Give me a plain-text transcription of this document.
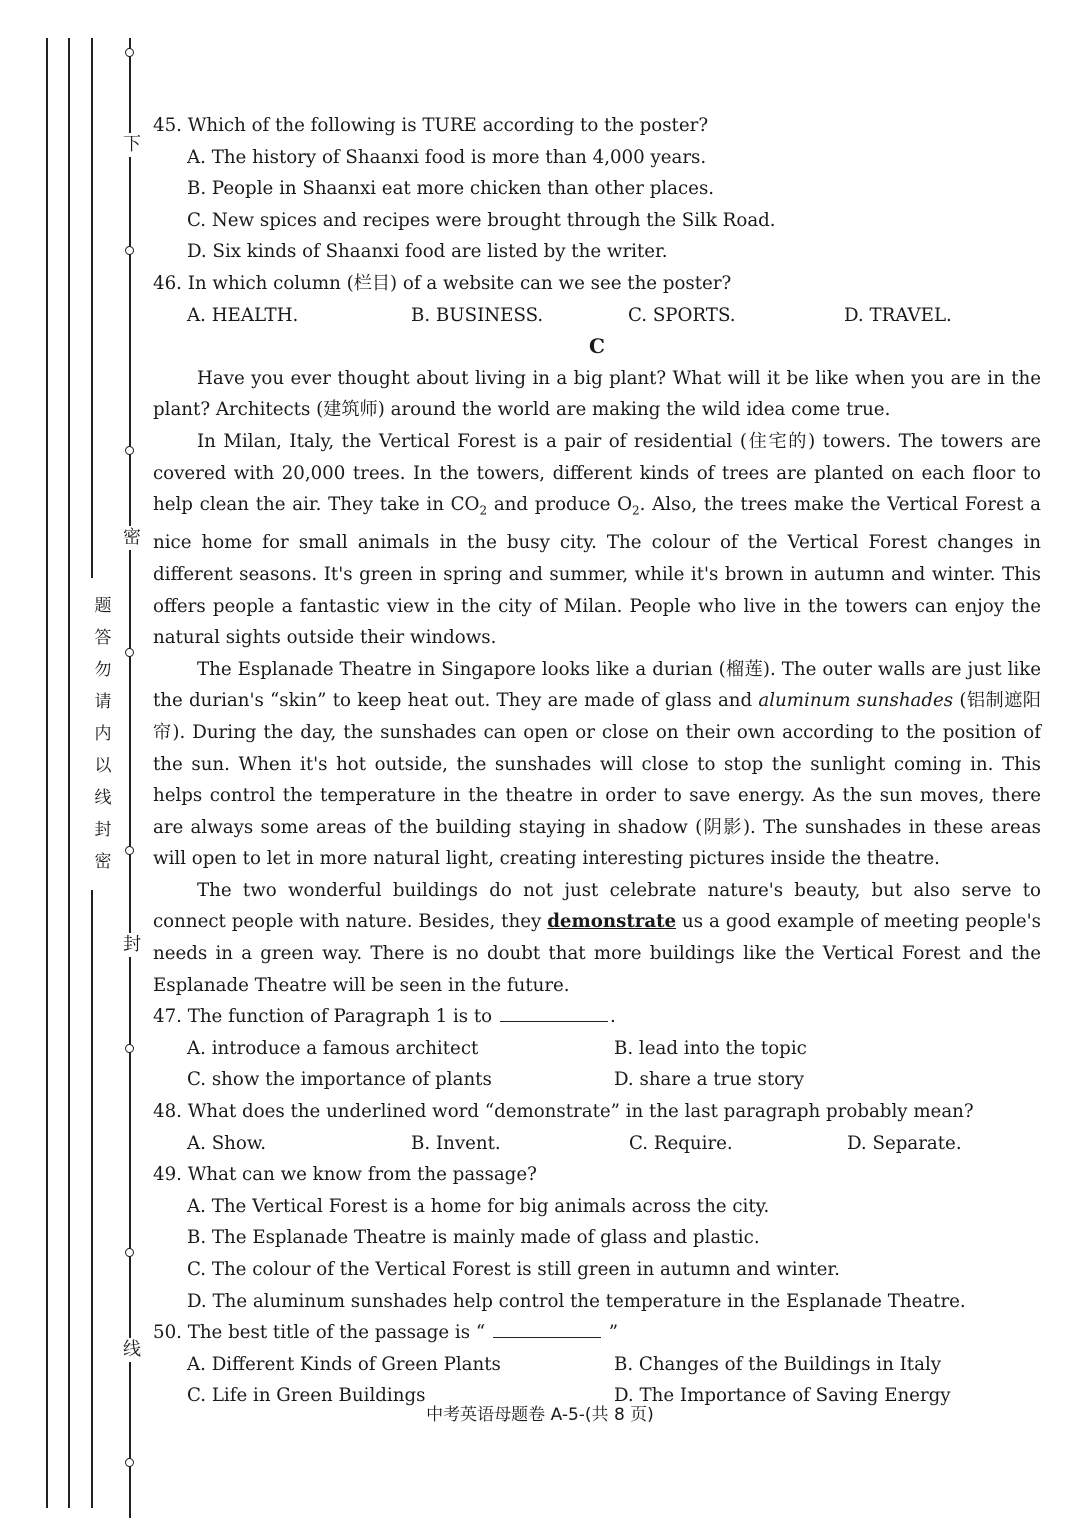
题
答
勿
请
内
以
线
封
密
下
密
封
线
45. Which of the following is TURE according to the poster?
A. The history of Shaanxi food is more than 4,000 years.
B. People in Shaanxi eat more chicken than other places.
C. New spices and recipes were brought through the Silk Road.
D. Six kinds of Shaanxi food are listed by the writer.
46. In which column (栏目) of a website can we see the poster?
A. HEALTH.	B. BUSINESS.	C. SPORTS.	D. TRAVEL.
C

Have you ever thought about living in a big plant? What will it be like when you are in the plant? Architects (建筑师) around the world are making the wild idea come true.

In Milan, Italy, the Vertical Forest is a pair of residential (住宅的) towers. The towers are covered with 20,000 trees. In the towers, different kinds of trees are planted on each floor to help clean the air. They take in $CO_2$ and produce $O_2$. Also, the trees make the Vertical Forest a nice home for small animals in the busy city. The colour of the Vertical Forest changes in different seasons. It's green in spring and summer, while it's brown in autumn and winter. This offers people a fantastic view in the city of Milan. People who live in the towers can enjoy the natural sights outside their windows.

The Esplanade Theatre in Singapore looks like a durian (榴莲). The outer walls are just like the durian's “skin” to keep heat out. They are made of glass and aluminum sunshades (铝制遮阳帘). During the day, the sunshades can open or close on their own according to the position of the sun. When it's hot outside, the sunshades will close to stop the sunlight coming in. This helps control the temperature in the theatre in order to save energy. As the sun moves, there are always some areas of the building staying in shadow (阴影). The sunshades in these areas will open to let in more natural light, creating interesting pictures inside the theatre.

The two wonderful buildings do not just celebrate nature's beauty, but also serve to connect people with nature. Besides, they demonstrate us a good example of meeting people's needs in a green way. There is no doubt that more buildings like the Vertical Forest and the Esplanade Theatre will be seen in the future.

47. The function of Paragraph 1 is to	.
A. introduce a famous architect	B. lead into the topic
C. show the importance of plants	D. share a true story
48. What does the underlined word “demonstrate” in the last paragraph probably mean?
A. Show.	B. Invent.	C. Require.	D. Separate.
49. What can we know from the passage?
A. The Vertical Forest is a home for big animals across the city.
B. The Esplanade Theatre is mainly made of glass and plastic.
C. The colour of the Vertical Forest is still green in autumn and winter.
D. The aluminum sunshades help control the temperature in the Esplanade Theatre.
50. The best title of the passage is “	”
A. Different Kinds of Green Plants	B. Changes of the Buildings in Italy
C. Life in Green Buildings	D. The Importance of Saving Energy
中考英语母题卷 A-5-(共 8 页)
